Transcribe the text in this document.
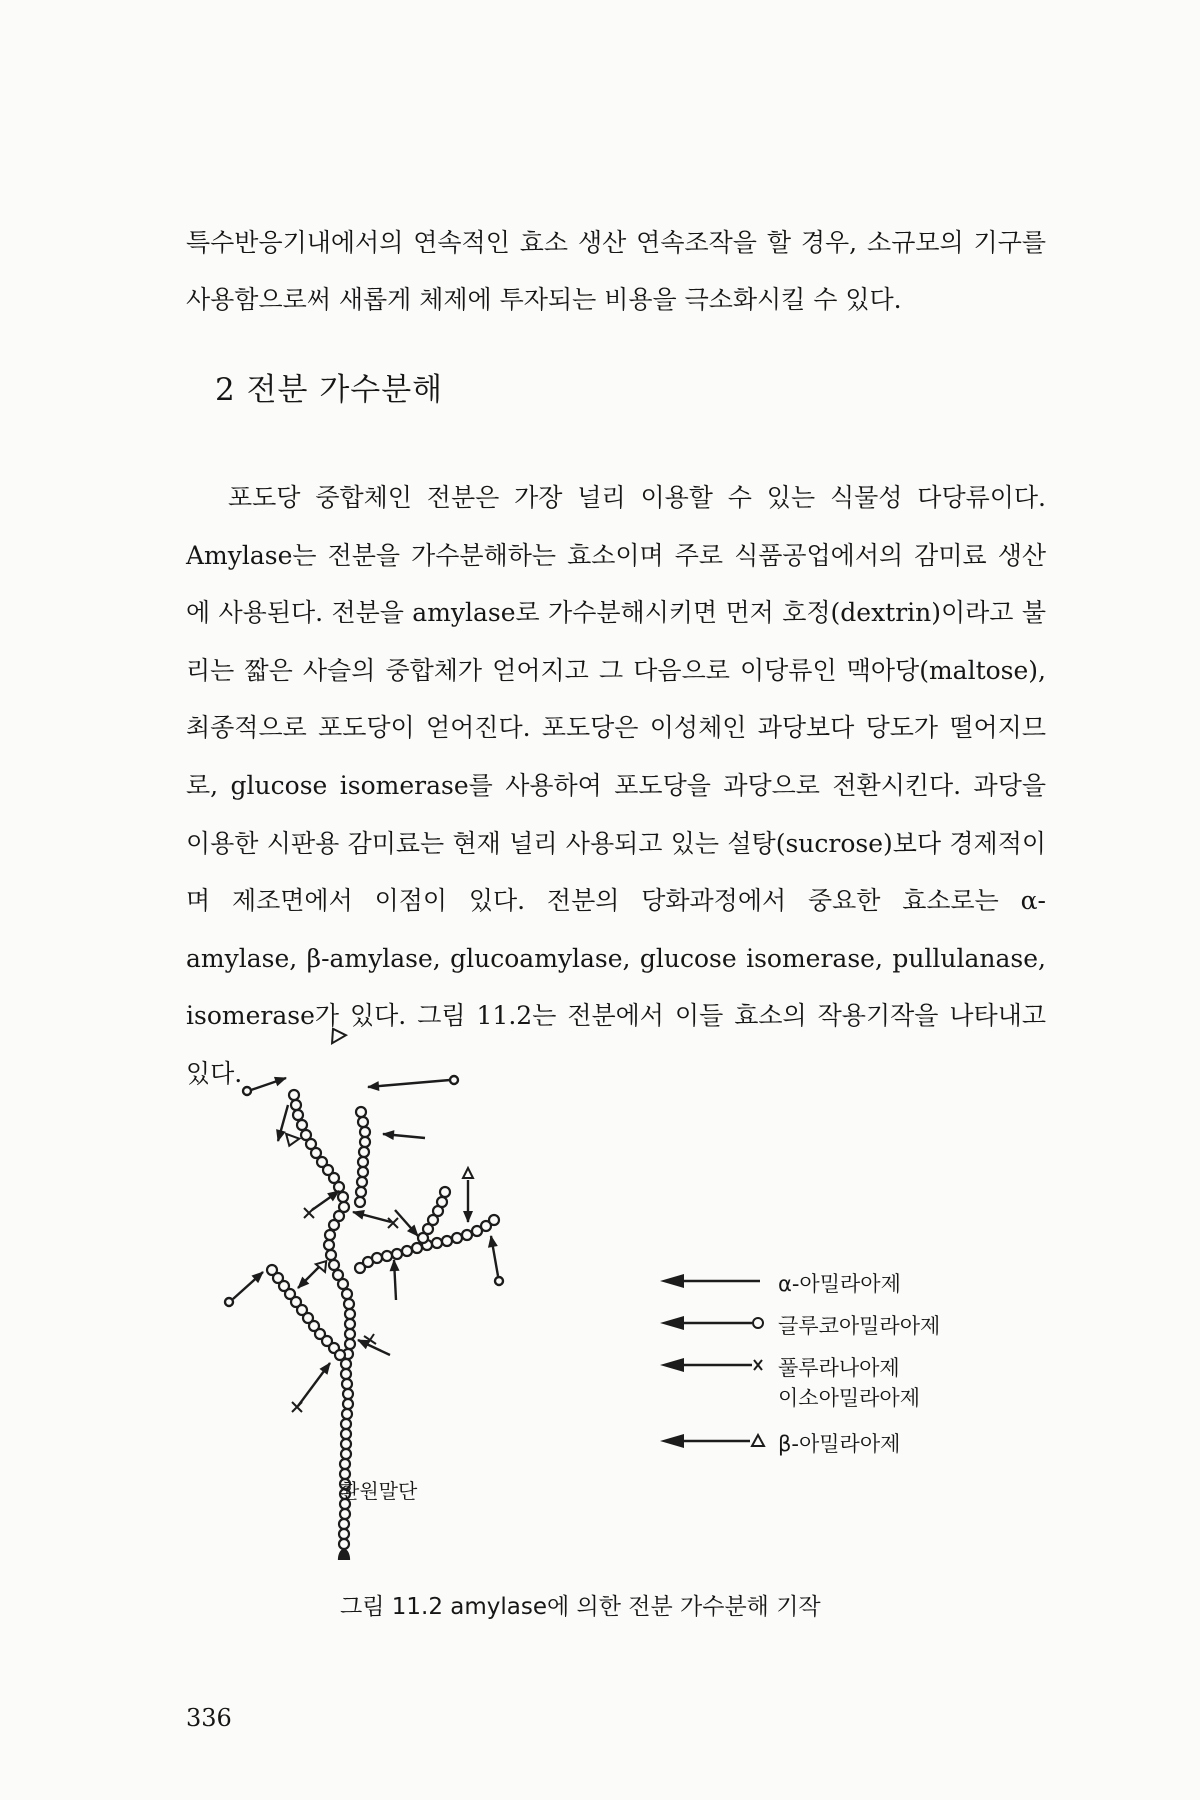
특수반응기내에서의 연속적인 효소 생산 연속조작을 할 경우, 소규모의 기구를 사용함으로써 새롭게 체제에 투자되는 비용을 극소화시킬 수 있다.

2 전분 가수분해

포도당 중합체인 전분은 가장 널리 이용할 수 있는 식물성 다당류이다. Amylase는 전분을 가수분해하는 효소이며 주로 식품공업에서의 감미료 생산에 사용된다. 전분을 amylase로 가수분해시키면 먼저 호정(dextrin)이라고 불리는 짧은 사슬의 중합체가 얻어지고 그 다음으로 이당류인 맥아당(maltose), 최종적으로 포도당이 얻어진다. 포도당은 이성체인 과당보다 당도가 떨어지므로, glucose isomerase를 사용하여 포도당을 과당으로 전환시킨다. 과당을 이용한 시판용 감미료는 현재 널리 사용되고 있는 설탕(sucrose)보다 경제적이며 제조면에서 이점이 있다. 전분의 당화과정에서 중요한 효소로는 α-amylase, β-amylase, glucoamylase, glucose isomerase, pullulanase, isomerase가 있다. 그림 11.2는 전분에서 이들 효소의 작용기작을 나타내고 있다.

α-아밀라아제
글루코아밀라아제
풀루라나아제
이소아밀라아제
β-아밀라아제
환원말단

그림 11.2 amylase에 의한 전분 가수분해 기작

336
